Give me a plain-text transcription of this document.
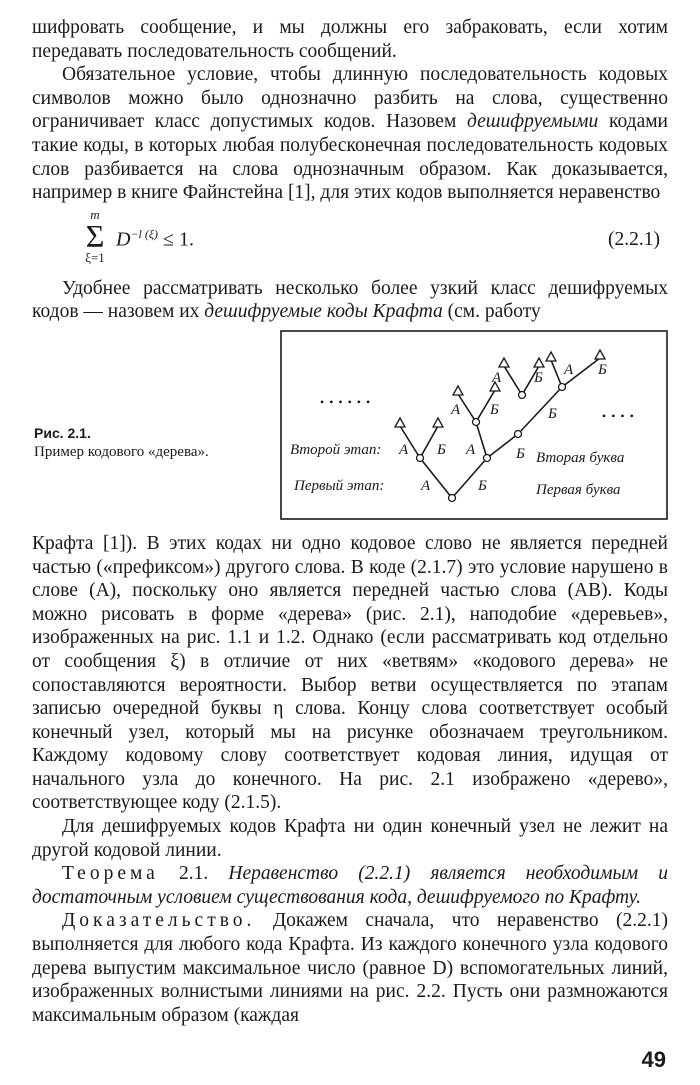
шифровать сообщение, и мы должны его забраковать, если хотим передавать последовательность сообщений.

Обязательное условие, чтобы длинную последовательность кодовых символов можно было однозначно разбить на слова, существенно ограничивает класс допустимых кодов. Назовем дешифруемыми кодами такие коды, в которых любая полубесконечная последовательность кодовых слов разбивается на слова однозначным образом. Как доказывается, например в книге Файнстейна [1], для этих кодов выполняется неравенство

m
Σ
ξ=1
$D^{-l (\xi)} \le 1$.	(2.2.1)

Удобнее рассматривать несколько более узкий класс дешифруемых кодов — назовем их дешифруемые коды Крафта (см. работу

Рис. 2.1.
Пример кодового «дерева».
• • • • • •
• • • •
Второй этап:
Первый этап:
Вторая буква
Первая буква
А	Б
А Б
А
А
Б
Б
А Б
Б
А Б

Крафта [1]). В этих кодах ни одно кодовое слово не является передней частью («префиксом») другого слова. В коде (2.1.7) это условие нарушено в слове (А), поскольку оно является передней частью слова (АВ). Коды можно рисовать в форме «дерева» (рис. 2.1), наподобие «деревьев», изображенных на рис. 1.1 и 1.2. Однако (если рассматривать код отдельно от сообщения ξ) в отличие от них «ветвям» «кодового дерева» не сопоставляются вероятности. Выбор ветви осуществляется по этапам записью очередной буквы η слова. Концу слова соответствует особый конечный узел, который мы на рисунке обозначаем треугольником. Каждому кодовому слову соответствует кодовая линия, идущая от начального узла до конечного. На рис. 2.1 изображено «дерево», соответствующее коду (2.1.5).

Для дешифруемых кодов Крафта ни один конечный узел не лежит на другой кодовой линии.

Теорема 2.1. Неравенство (2.2.1) является необходимым и достаточным условием существования кода, дешифруемого по Крафту.

Доказательство. Докажем сначала, что неравенство (2.2.1) выполняется для любого кода Крафта. Из каждого конечного узла кодового дерева выпустим максимальное число (равное D) вспомогательных линий, изображенных волнистыми линиями на рис. 2.2. Пусть они размножаются максимальным образом (каждая

49
